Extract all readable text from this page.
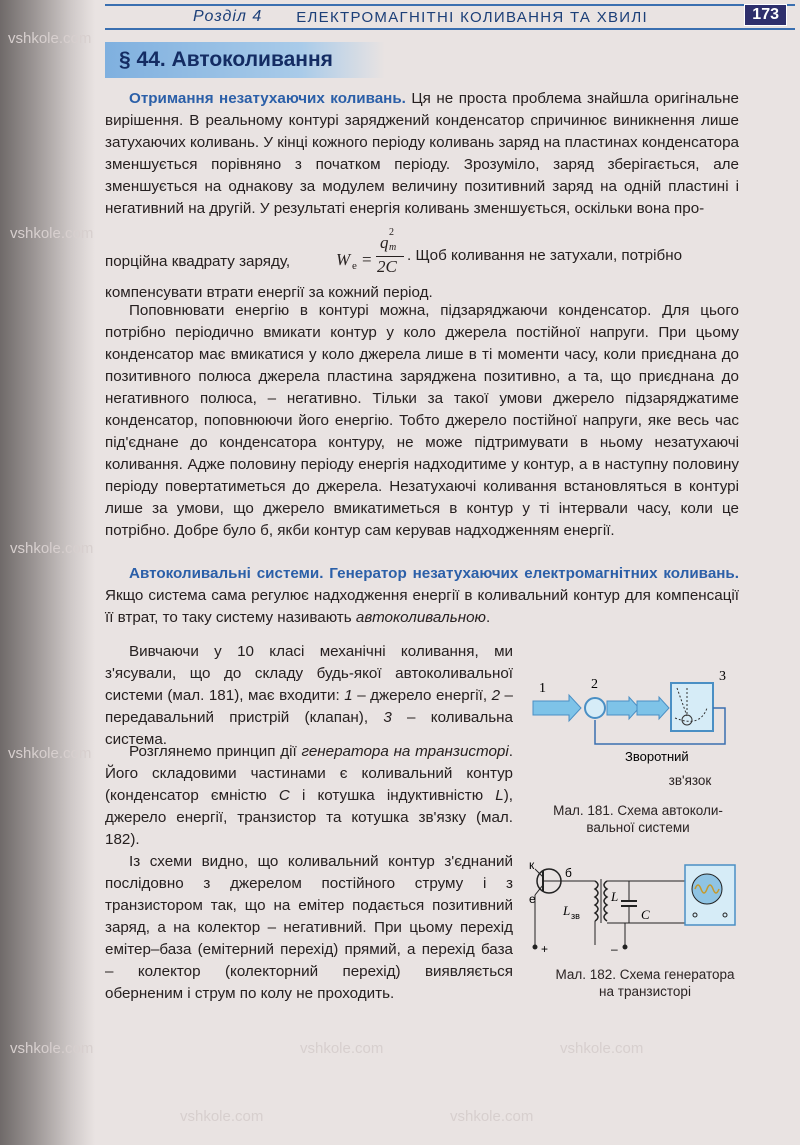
vshkole.com
vshkole.com
vshkole.com
vshkole.com
vshkole.com	vshkole.com	vshkole.com
vshkole.com	vshkole.com
Розділ 4 ЕЛЕКТРОМАГНІТНІ КОЛИВАННЯ ТА ХВИЛІ	173
§ 44. Автоколивання
Отримання незатухаючих коливань. Ця не проста проблема знайшла оригінальне вирішення. В реальному контурі заряджений конденсатор спричинює виникнення лише затухаючих коливань. У кінці кожного періоду коливань заряд на пластинах конденсатора зменшується порівняно з початком періоду. Зрозуміло, заряд зберігається, але зменшується на однакову за модулем величину позитивний заряд на одній пластині і негативний на другій. У результаті енергія коливань зменшується, оскільки вона про-
порційна квадрату заряду,	W e =
q m
2
2C
. Щоб коливання не затухали, потрібно
компенсувати втрати енергії за кожний період.
Поповнювати енергію в контурі можна, підзаряджаючи конденсатор. Для цього потрібно періодично вмикати контур у коло джерела постійної напруги. При цьому конденсатор має вмикатися у коло джерела лише в ті моменти часу, коли приєднана до позитивного полюса джерела пластина заряджена позитивно, а та, що приєднана до негативного полюса, – негативно. Тільки за такої умови джерело підзаряджатиме конденсатор, поповнюючи його енергію. Тобто джерело постійної напруги, яке весь час під'єднане до конденсатора контуру, не може підтримувати в ньому незатухаючі коливання. Адже половину періоду енергія надходитиме у контур, а в наступну половину періоду повертатиметься до джерела. Незатухаючі коливання встановляться в контурі лише за умови, що джерело вмикатиметься в контур у ті інтервали часу, коли це потрібно. Добре було б, якби контур сам керував надходженням енергії.
Автоколивальні системи. Генератор незатухаючих електромагнітних коливань. Якщо система сама регулює надходження енергії в коливальний контур для компенсації її втрат, то таку систему називають автоколивальною.
Вивчаючи у 10 класі механічні коливання, ми з'ясували, що до складу будь-якої автоколивальної системи (мал. 181), має входити: 1 – джерело енергії, 2 – передавальний пристрій (клапан), 3 – коливальна система.
Розглянемо принцип дії генератора на транзисторі. Його складовими частинами є коливальний контур (конденсатор ємністю C і котушка індуктивністю L), джерело енергії, транзистор та котушка зв'язку (мал. 182).
Із схеми видно, що коливальний контур з'єднаний послідовно з джерелом постійного струму і з транзистором так, що на емітер подається позитивний заряд, а на колектор – негативний. При цьому перехід емітер–база (емітерний перехід) прямий, а перехід база – колектор (колекторний перехід) виявляється оберненим і струм по колу не проходить.
1	2
3
Зворотний
зв'язок
Мал. 181. Схема автоколи-
вальної системи
к
б
е
+	–
L зв
L
C
Мал. 182. Схема генератора
на транзисторі
